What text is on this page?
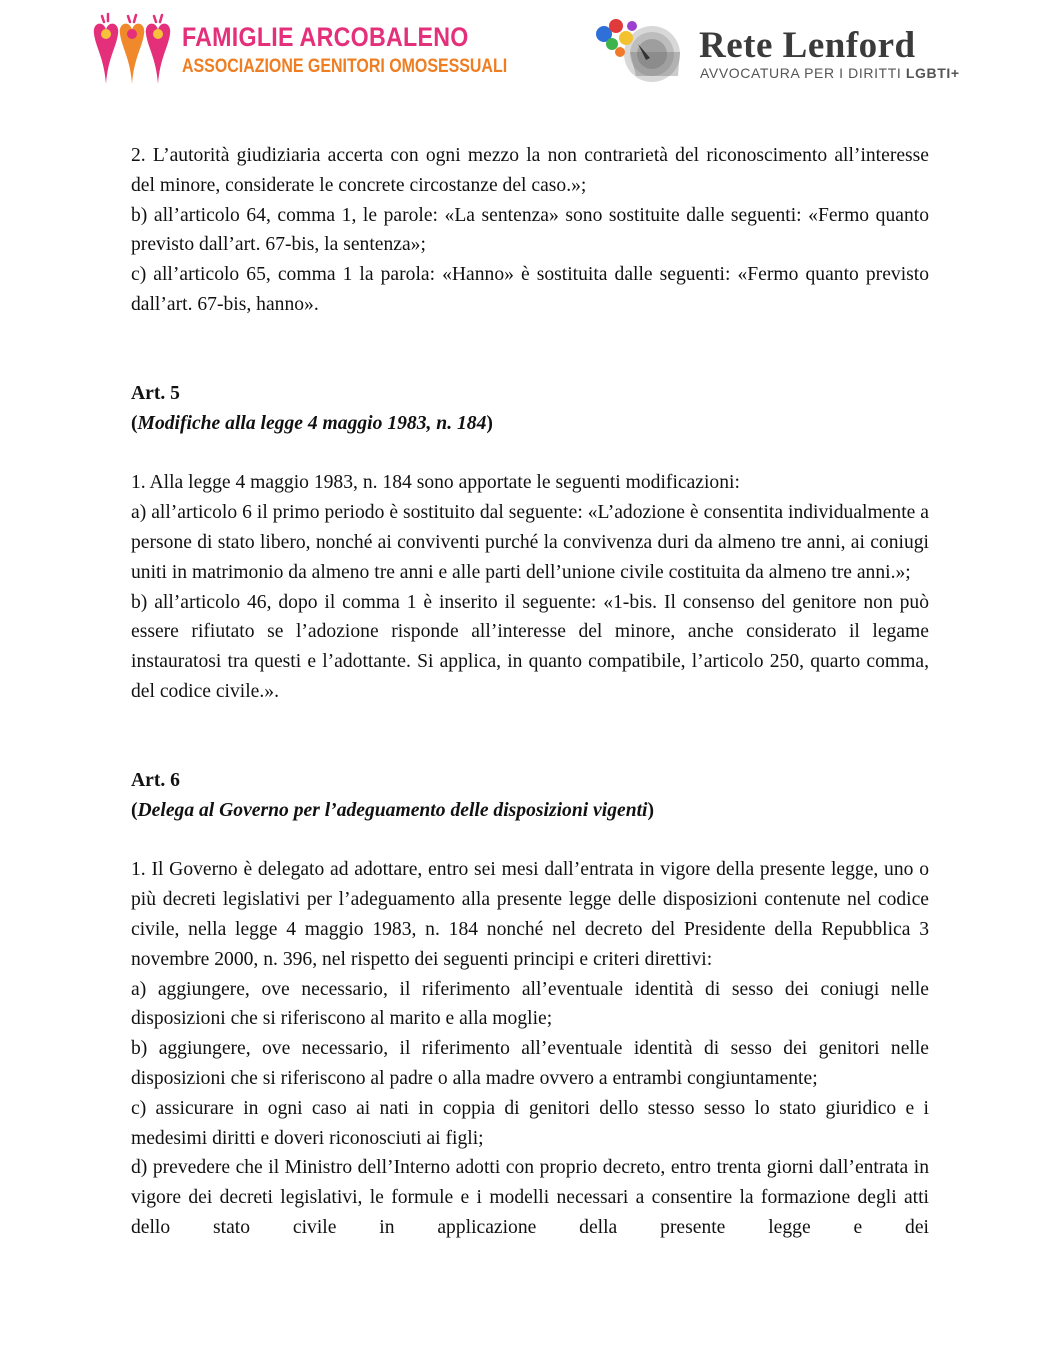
FAMIGLIE ARCOBALENO
ASSOCIAZIONE GENITORI OMOSESSUALI
Rete Lenford
AVVOCATURA PER I DIRITTI LGBTI+

2. L’autorità giudiziaria accerta con ogni mezzo la non contrarietà del riconoscimento all’interesse del minore, considerate le concrete circostanze del caso.»;

b) all’articolo 64, comma 1, le parole: «La sentenza» sono sostituite dalle seguenti: «Fermo quanto previsto dall’art. 67-bis, la sentenza»;

c) all’articolo 65, comma 1 la parola: «Hanno» è sostituita dalle seguenti: «Fermo quanto previsto dall’art. 67-bis, hanno».

Art. 5

(Modifiche alla legge 4 maggio 1983, n. 184)

1. Alla legge 4 maggio 1983, n. 184 sono apportate le seguenti modificazioni:

a) all’articolo 6 il primo periodo è sostituito dal seguente: «L’adozione è consentita individualmente a persone di stato libero, nonché ai conviventi purché la convivenza duri da almeno tre anni, ai coniugi uniti in matrimonio da almeno tre anni e alle parti dell’unione civile costituita da almeno tre anni.»;

b) all’articolo 46, dopo il comma 1 è inserito il seguente: «1-bis. Il consenso del genitore non può essere rifiutato se l’adozione risponde all’interesse del minore, anche considerato il legame instauratosi tra questi e l’adottante. Si applica, in quanto compatibile, l’articolo 250, quarto comma, del codice civile.».

Art. 6

(Delega al Governo per l’adeguamento delle disposizioni vigenti)

1. Il Governo è delegato ad adottare, entro sei mesi dall’entrata in vigore della presente legge, uno o più decreti legislativi per l’adeguamento alla presente legge delle disposizioni contenute nel codice civile, nella legge 4 maggio 1983, n. 184 nonché nel decreto del Presidente della Repubblica 3 novembre 2000, n. 396, nel rispetto dei seguenti principi e criteri direttivi:

a) aggiungere, ove necessario, il riferimento all’eventuale identità di sesso dei coniugi nelle disposizioni che si riferiscono al marito e alla moglie;

b) aggiungere, ove necessario, il riferimento all’eventuale identità di sesso dei genitori nelle disposizioni che si riferiscono al padre o alla madre ovvero a entrambi congiuntamente;

c) assicurare in ogni caso ai nati in coppia di genitori dello stesso sesso lo stato giuridico e i medesimi diritti e doveri riconosciuti ai figli;

d) prevedere che il Ministro dell’Interno adotti con proprio decreto, entro trenta giorni dall’entrata in vigore dei decreti legislativi, le formule e i modelli necessari a consentire la formazione degli atti dello stato civile in applicazione della presente legge e dei
